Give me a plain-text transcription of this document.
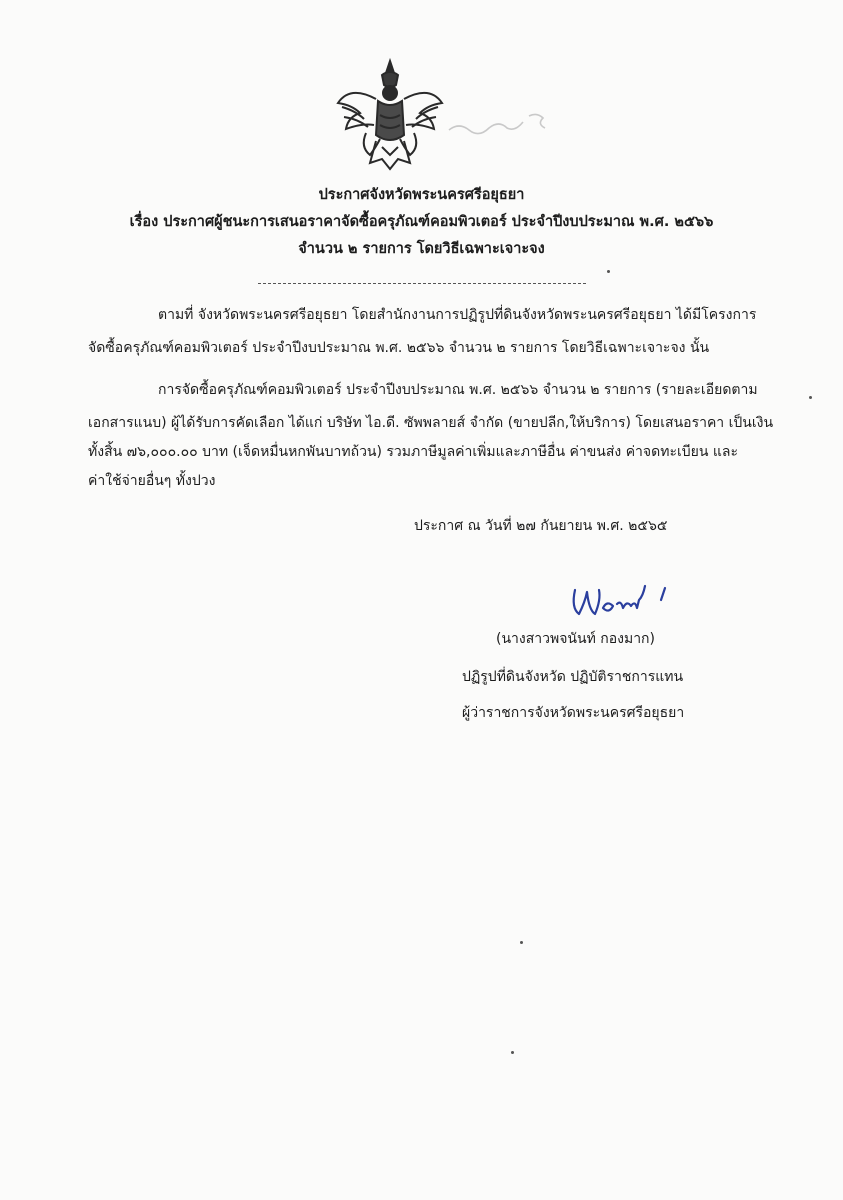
ประกาศจังหวัดพระนครศรีอยุธยา
เรื่อง ประกาศผู้ชนะการเสนอราคาจัดซื้อครุภัณฑ์คอมพิวเตอร์ ประจำปีงบประมาณ พ.ศ. ๒๕๖๖
จำนวน ๒ รายการ โดยวิธีเฉพาะเจาะจง
ตามที่ จังหวัดพระนครศรีอยุธยา โดยสำนักงานการปฏิรูปที่ดินจังหวัดพระนครศรีอยุธยา ได้มีโครงการ
จัดซื้อครุภัณฑ์คอมพิวเตอร์ ประจำปีงบประมาณ พ.ศ. ๒๕๖๖ จำนวน ๒ รายการ โดยวิธีเฉพาะเจาะจง นั้น
การจัดซื้อครุภัณฑ์คอมพิวเตอร์ ประจำปีงบประมาณ พ.ศ. ๒๕๖๖ จำนวน ๒ รายการ (รายละเอียดตาม
เอกสารแนบ) ผู้ได้รับการคัดเลือก ได้แก่ บริษัท ไอ.ดี. ซัพพลายส์ จำกัด (ขายปลีก,ให้บริการ) โดยเสนอราคา เป็นเงิน
ทั้งสิ้น ๗๖,๐๐๐.๐๐ บาท (เจ็ดหมื่นหกพันบาทถ้วน) รวมภาษีมูลค่าเพิ่มและภาษีอื่น ค่าขนส่ง ค่าจดทะเบียน และ
ค่าใช้จ่ายอื่นๆ ทั้งปวง
ประกาศ ณ วันที่ ๒๗ กันยายน พ.ศ. ๒๕๖๕
(นางสาวพจนันท์ กองมาก)
ปฏิรูปที่ดินจังหวัด ปฏิบัติราชการแทน
ผู้ว่าราชการจังหวัดพระนครศรีอยุธยา
